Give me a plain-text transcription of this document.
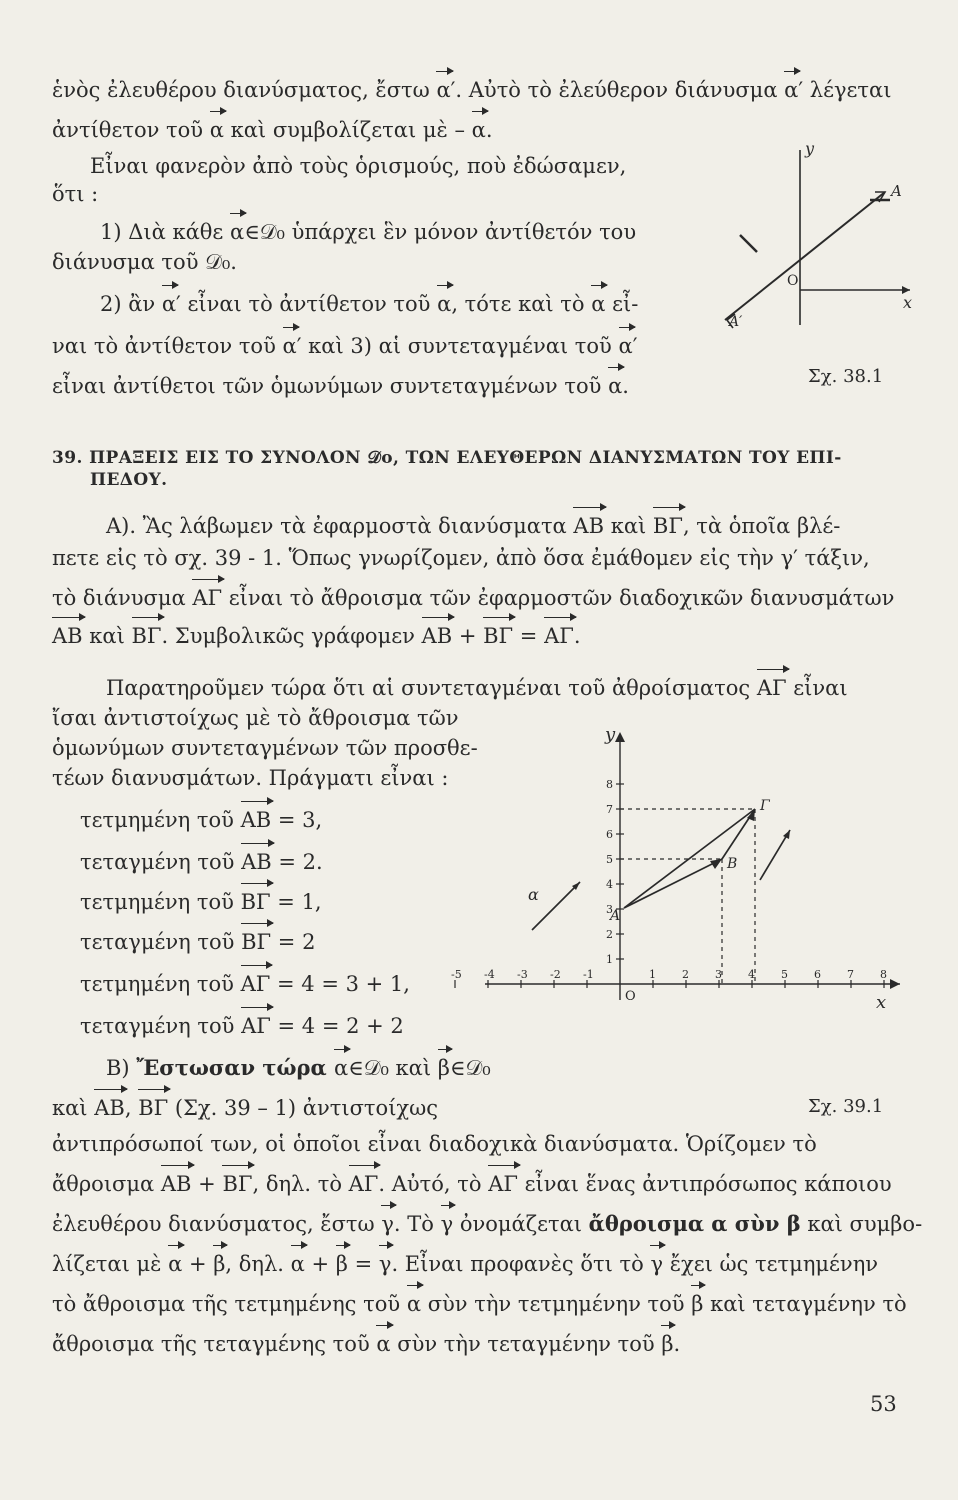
ἑνὸς ἐλευθέρου διανύσματος, ἔστω α′. Αὐτὸ τὸ ἐλεύθερον διάνυσμα α′ λέγεται
ἀντίθετον τοῦ α καὶ συμβολίζεται μὲ – α.
Εἶναι φανερὸν ἀπὸ τοὺς ὁρισμούς, ποὺ ἐδώσαμεν,
ὅτι :
1) Διὰ κάθε α∈𝒟₀ ὑπάρχει ἓν μόνον ἀντίθετόν του
διάνυσμα τοῦ 𝒟₀.
2) ἂν α′ εἶναι τὸ ἀντίθετον τοῦ α, τότε καὶ τὸ α εἶ-
ναι τὸ ἀντίθετον τοῦ α′ καὶ 3) αἱ συντεταγμέναι τοῦ α′
εἶναι ἀντίθετοι τῶν ὁμωνύμων συντεταγμένων τοῦ α.
y
x
O
A
A′
Σχ. 38.1
39. ΠΡΑΞΕΙΣ ΕΙΣ ΤΟ ΣΥΝΟΛΟΝ 𝒟o, ΤΩΝ ΕΛΕΥΘΕΡΩΝ ΔΙΑΝΥΣΜΑΤΩΝ ΤΟΥ ΕΠΙ-
ΠΕΔΟΥ.
Α). Ἂς λάβωμεν τὰ ἐφαρμοστὰ διανύσματα ΑΒ καὶ ΒΓ, τὰ ὁποῖα βλέ-
πετε εἰς τὸ σχ. 39 - 1. Ὅπως γνωρίζομεν, ἀπὸ ὅσα ἐμάθομεν εἰς τὴν γ′ τάξιν,
τὸ διάνυσμα ΑΓ εἶναι τὸ ἄθροισμα τῶν ἐφαρμοστῶν διαδοχικῶν διανυσμάτων
ΑΒ καὶ ΒΓ. Συμβολικῶς γράφομεν ΑΒ + ΒΓ = ΑΓ.
Παρατηροῦμεν τώρα ὅτι αἱ συντεταγμέναι τοῦ ἀθροίσματος ΑΓ εἶναι
ἴσαι ἀντιστοίχως μὲ τὸ ἄθροισμα τῶν
ὁμωνύμων συντεταγμένων τῶν προσθε-
τέων διανυσμάτων. Πράγματι εἶναι :
τετμημένη τοῦ ΑΒ = 3,
τεταγμένη τοῦ ΑΒ = 2.
τετμημένη τοῦ ΒΓ = 1,
τεταγμένη τοῦ ΒΓ = 2
τετμημένη τοῦ ΑΓ = 4 = 3 + 1,
τεταγμένη τοῦ ΑΓ = 4 = 2 + 2
-5 -4 -3 -2 -1	1 2 3 4 5 6 7 8
1
2
3
4
5
6
7
8
y
x
O
A
B
Γ
α
Σχ. 39.1
Β) Ἔστωσαν τώρα α∈𝒟₀ καὶ β∈𝒟₀
καὶ ΑΒ, ΒΓ (Σχ. 39 – 1) ἀντιστοίχως
ἀντιπρόσωποί των, οἱ ὁποῖοι εἶναι διαδοχικὰ διανύσματα. Ὁρίζομεν τὸ
ἄθροισμα ΑΒ + ΒΓ, δηλ. τὸ ΑΓ. Αὐτό, τὸ ΑΓ εἶναι ἕνας ἀντιπρόσωπος κάποιου
ἐλευθέρου διανύσματος, ἔστω γ. Τὸ γ ὀνομάζεται ἄθροισμα α σὺν β καὶ συμβο-
λίζεται μὲ α + β, δηλ. α + β = γ. Εἶναι προφανὲς ὅτι τὸ γ ἔχει ὡς τετμημένην
τὸ ἄθροισμα τῆς τετμημένης τοῦ α σὺν τὴν τετμημένην τοῦ β καὶ τεταγμένην τὸ
ἄθροισμα τῆς τεταγμένης τοῦ α σὺν τὴν τεταγμένην τοῦ β.
53
